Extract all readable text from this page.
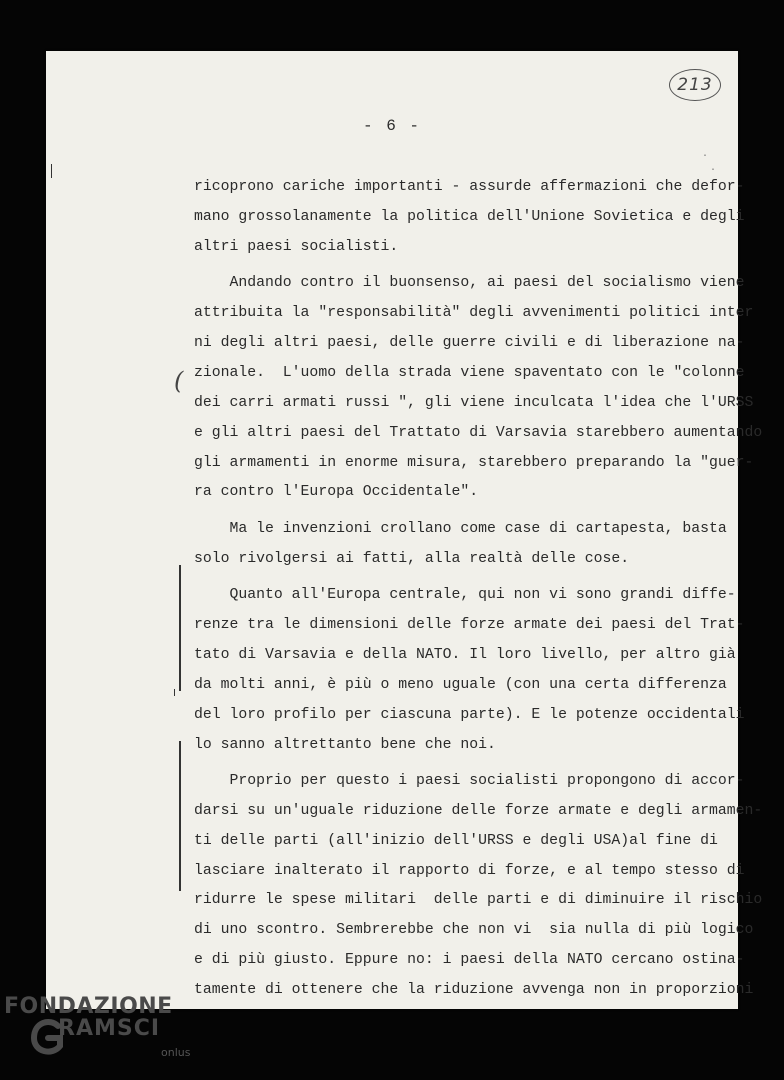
213
- 6 -
·
.
(
ricoprono cariche importanti - assurde affermazioni che defor-
mano grossolanamente la politica dell'Unione Sovietica e degli
altri paesi socialisti.
Andando contro il buonsenso, ai paesi del socialismo viene
attribuita la "responsabilità" degli avvenimenti politici inter
ni degli altri paesi, delle guerre civili e di liberazione na-
zionale.  L'uomo della strada viene spaventato con le "colonne
dei carri armati russi ", gli viene inculcata l'idea che l'URSS
e gli altri paesi del Trattato di Varsavia starebbero aumentando
gli armamenti in enorme misura, starebbero preparando la "guer-
ra contro l'Europa Occidentale".
Ma le invenzioni crollano come case di cartapesta, basta
solo rivolgersi ai fatti, alla realtà delle cose.
Quanto all'Europa centrale, qui non vi sono grandi diffe-
renze tra le dimensioni delle forze armate dei paesi del Trat-
tato di Varsavia e della NATO. Il loro livello, per altro già
da molti anni, è più o meno uguale (con una certa differenza
del loro profilo per ciascuna parte). E le potenze occidentali
lo sanno altrettanto bene che noi.
Proprio per questo i paesi socialisti propongono di accor-
darsi su un'uguale riduzione delle forze armate e degli armamen-
ti delle parti (all'inizio dell'URSS e degli USA)al fine di
lasciare inalterato il rapporto di forze, e al tempo stesso di
ridurre le spese militari  delle parti e di diminuire il rischio
di uno scontro. Sembrerebbe che non vi  sia nulla di più logico
e di più giusto. Eppure no: i paesi della NATO cercano ostina-
tamente di ottenere che la riduzione avvenga non in proporzioni
FONDAZIONE
RAMSCI
onlus
